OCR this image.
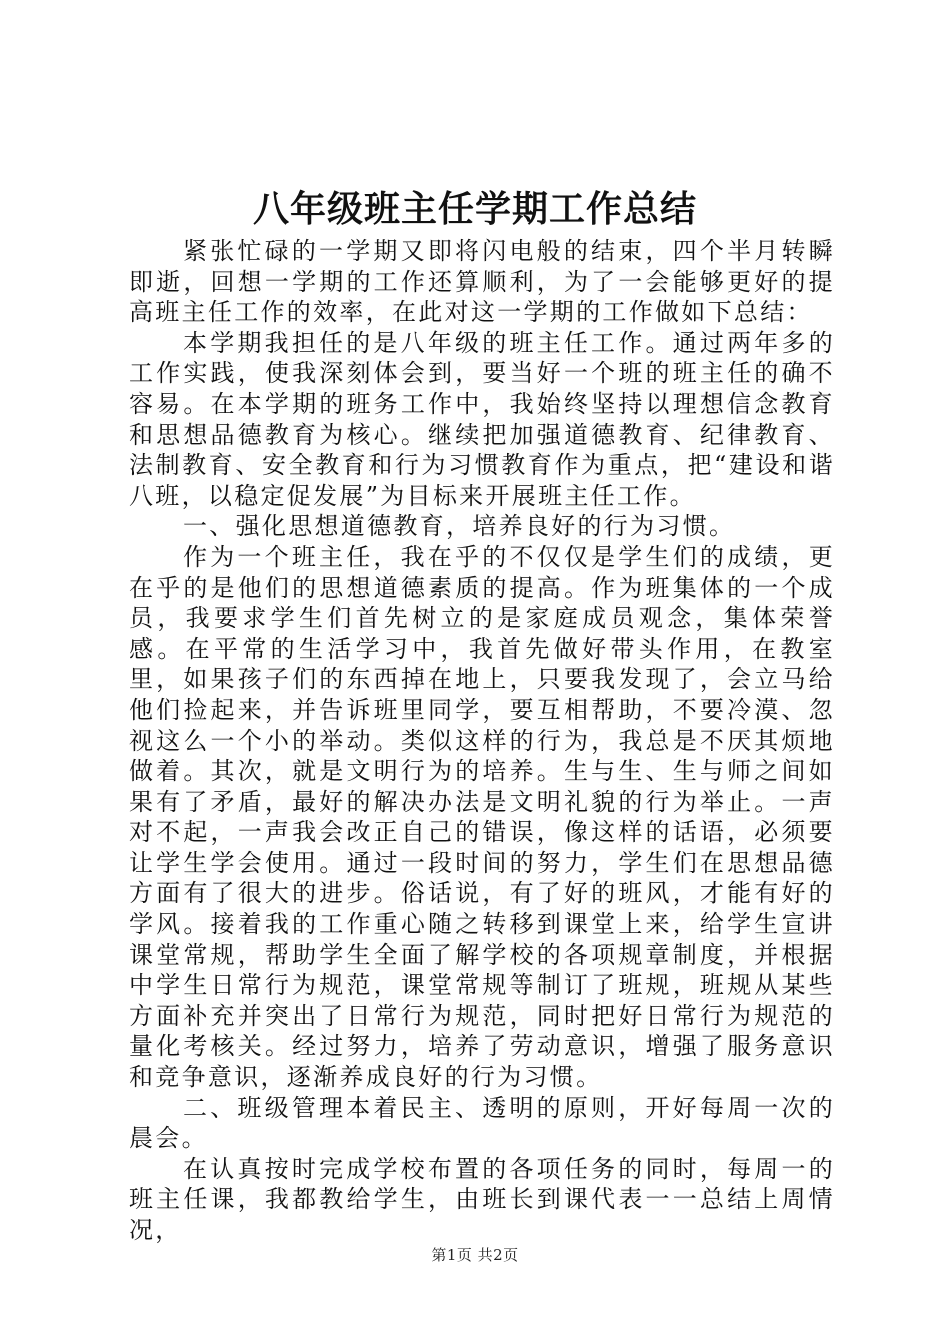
八年级班主任学期工作总结

紧张忙碌的一学期又即将闪电般的结束，四个半月转瞬即逝，回想一学期的工作还算顺利，为了一会能够更好的提高班主任工作的效率，在此对这一学期的工作做如下总结：

本学期我担任的是八年级的班主任工作。通过两年多的工作实践，使我深刻体会到，要当好一个班的班主任的确不容易。在本学期的班务工作中，我始终坚持以理想信念教育和思想品德教育为核心。继续把加强道德教育、纪律教育、法制教育、安全教育和行为习惯教育作为重点，把“建设和谐八班，以稳定促发展”为目标来开展班主任工作。

一、强化思想道德教育，培养良好的行为习惯。

作为一个班主任，我在乎的不仅仅是学生们的成绩，更在乎的是他们的思想道德素质的提高。作为班集体的一个成员，我要求学生们首先树立的是家庭成员观念，集体荣誉感。在平常的生活学习中，我首先做好带头作用，在教室里，如果孩子们的东西掉在地上，只要我发现了，会立马给他们捡起来，并告诉班里同学，要互相帮助，不要冷漠、忽视这么一个小的举动。类似这样的行为，我总是不厌其烦地做着。其次，就是文明行为的培养。生与生、生与师之间如果有了矛盾，最好的解决办法是文明礼貌的行为举止。一声对不起，一声我会改正自己的错误，像这样的话语，必须要让学生学会使用。通过一段时间的努力，学生们在思想品德方面有了很大的进步。俗话说，有了好的班风，才能有好的学风。接着我的工作重心随之转移到课堂上来，给学生宣讲课堂常规，帮助学生全面了解学校的各项规章制度，并根据中学生日常行为规范，课堂常规等制订了班规，班规从某些方面补充并突出了日常行为规范，同时把好日常行为规范的量化考核关。经过努力，培养了劳动意识，增强了服务意识和竞争意识，逐渐养成良好的行为习惯。

二、班级管理本着民主、透明的原则，开好每周一次的晨会。

在认真按时完成学校布置的各项任务的同时，每周一的班主任课，我都教给学生，由班长到课代表一一总结上周情况，

第1页 共2页
